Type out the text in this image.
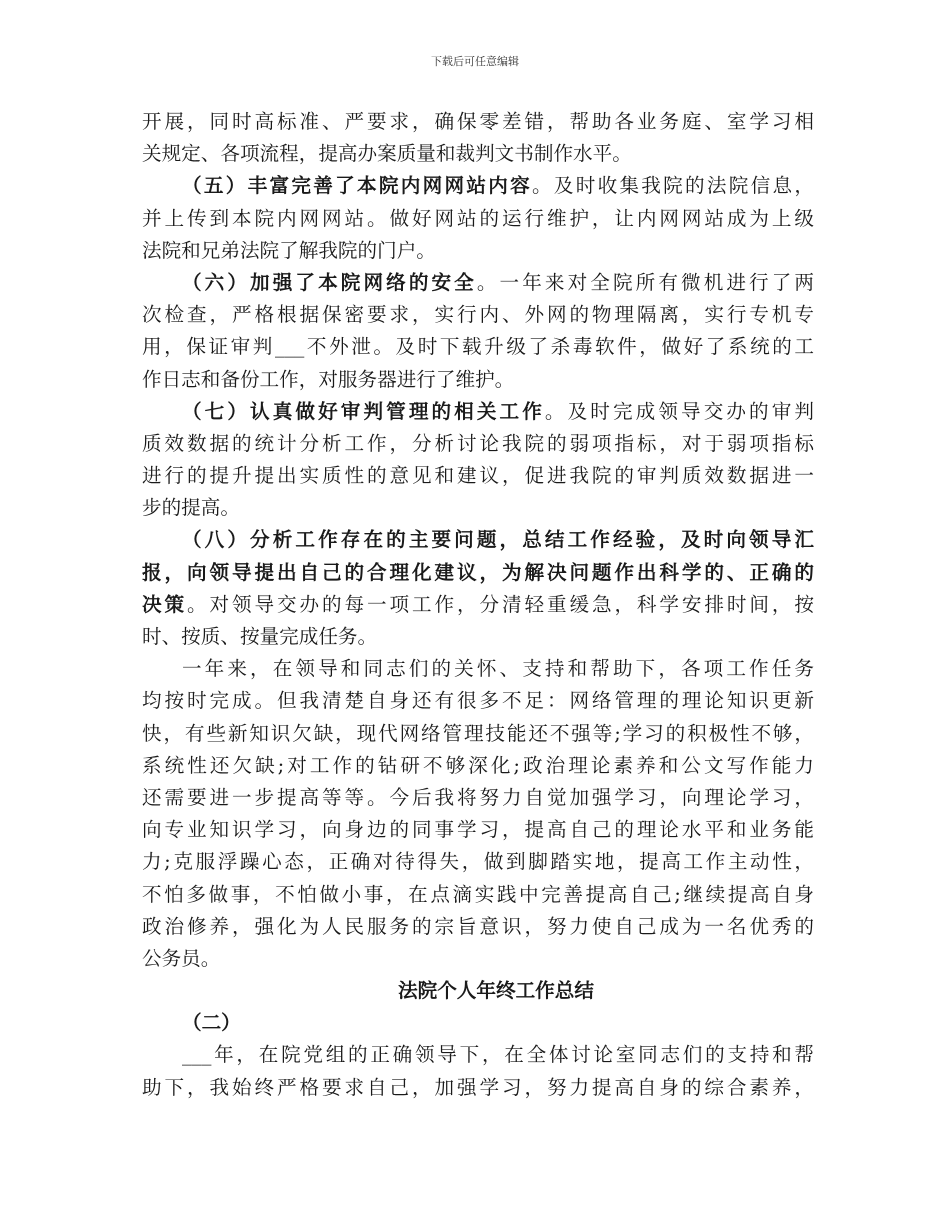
下载后可任意编辑
开展，同时高标准、严要求，确保零差错，帮助各业务庭、室学习相
关规定、各项流程，提高办案质量和裁判文书制作水平。
（五）丰富完善了本院内网网站内容。及时收集我院的法院信息，
并上传到本院内网网站。做好网站的运行维护，让内网网站成为上级
法院和兄弟法院了解我院的门户。
（六）加强了本院网络的安全。一年来对全院所有微机进行了两
次检查，严格根据保密要求，实行内、外网的物理隔离，实行专机专
用，保证审判___不外泄。及时下载升级了杀毒软件，做好了系统的工
作日志和备份工作，对服务器进行了维护。
（七）认真做好审判管理的相关工作。及时完成领导交办的审判
质效数据的统计分析工作，分析讨论我院的弱项指标，对于弱项指标
进行的提升提出实质性的意见和建议，促进我院的审判质效数据进一
步的提高。
（八）分析工作存在的主要问题，总结工作经验，及时向领导汇
报，向领导提出自己的合理化建议，为解决问题作出科学的、正确的
决策。对领导交办的每一项工作，分清轻重缓急，科学安排时间，按
时、按质、按量完成任务。
一年来，在领导和同志们的关怀、支持和帮助下，各项工作任务
均按时完成。但我清楚自身还有很多不足：网络管理的理论知识更新
快，有些新知识欠缺，现代网络管理技能还不强等;学习的积极性不够，
系统性还欠缺;对工作的钻研不够深化;政治理论素养和公文写作能力
还需要进一步提高等等。今后我将努力自觉加强学习，向理论学习，
向专业知识学习，向身边的同事学习，提高自己的理论水平和业务能
力;克服浮躁心态，正确对待得失，做到脚踏实地，提高工作主动性，
不怕多做事，不怕做小事，在点滴实践中完善提高自己;继续提高自身
政治修养，强化为人民服务的宗旨意识，努力使自己成为一名优秀的
公务员。
法院个人年终工作总结
（二）
___年，在院党组的正确领导下，在全体讨论室同志们的支持和帮
助下，我始终严格要求自己，加强学习，努力提高自身的综合素养，
